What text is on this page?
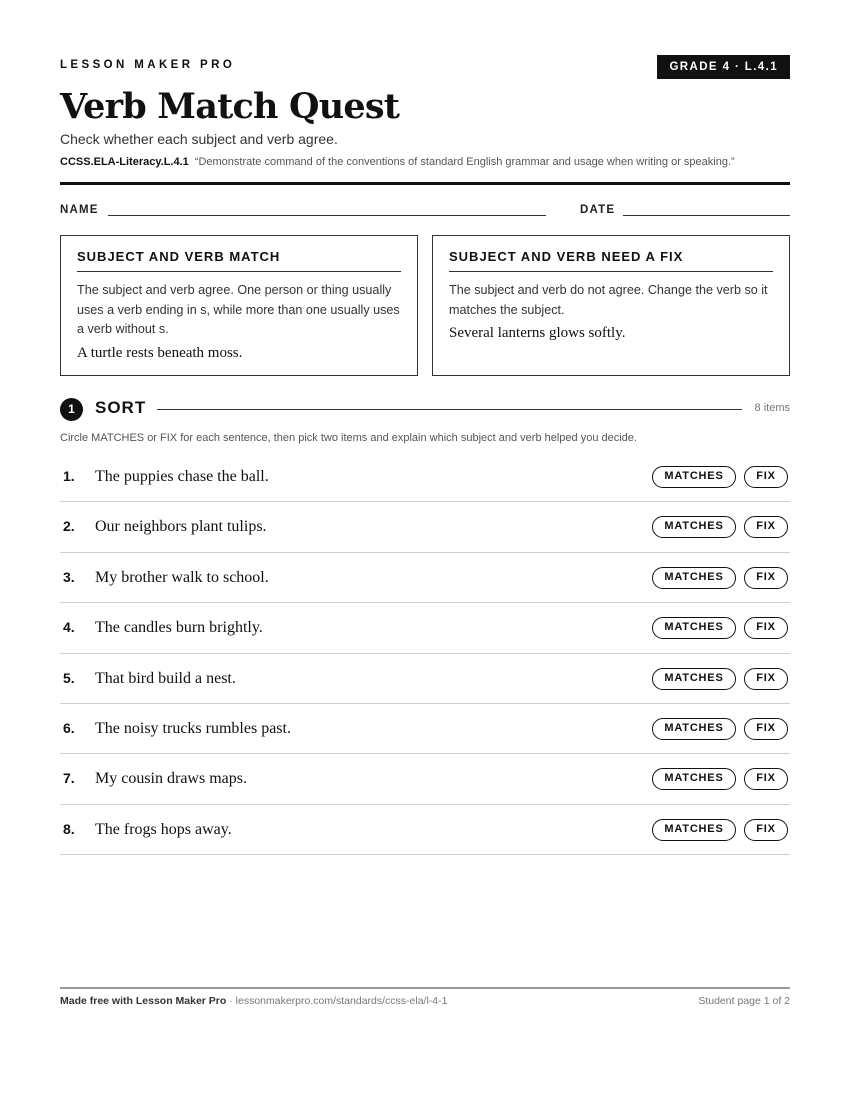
LESSON MAKER PRO	GRADE 4 · L.4.1
Verb Match Quest
Check whether each subject and verb agree.
CCSS.ELA-Literacy.L.4.1 “Demonstrate command of the conventions of standard English grammar and usage when writing or speaking.”
NAME	DATE
SUBJECT AND VERB MATCH
The subject and verb agree. One person or thing usually uses a verb ending in s, while more than one usually uses a verb without s.
A turtle rests beneath moss.
SUBJECT AND VERB NEED A FIX
The subject and verb do not agree. Change the verb so it matches the subject.
Several lanterns glows softly.
1	SORT	8 items
Circle MATCHES or FIX for each sentence, then pick two items and explain which subject and verb helped you decide.
1. The puppies chase the ball.	MATCHES	FIX
2. Our neighbors plant tulips.	MATCHES	FIX
3. My brother walk to school.	MATCHES	FIX
4. The candles burn brightly.	MATCHES	FIX
5. That bird build a nest.	MATCHES	FIX
6. The noisy trucks rumbles past.	MATCHES	FIX
7. My cousin draws maps.	MATCHES	FIX
8. The frogs hops away.	MATCHES	FIX
Made free with Lesson Maker Pro · lessonmakerpro.com/standards/ccss-ela/l-4-1	Student page 1 of 2
